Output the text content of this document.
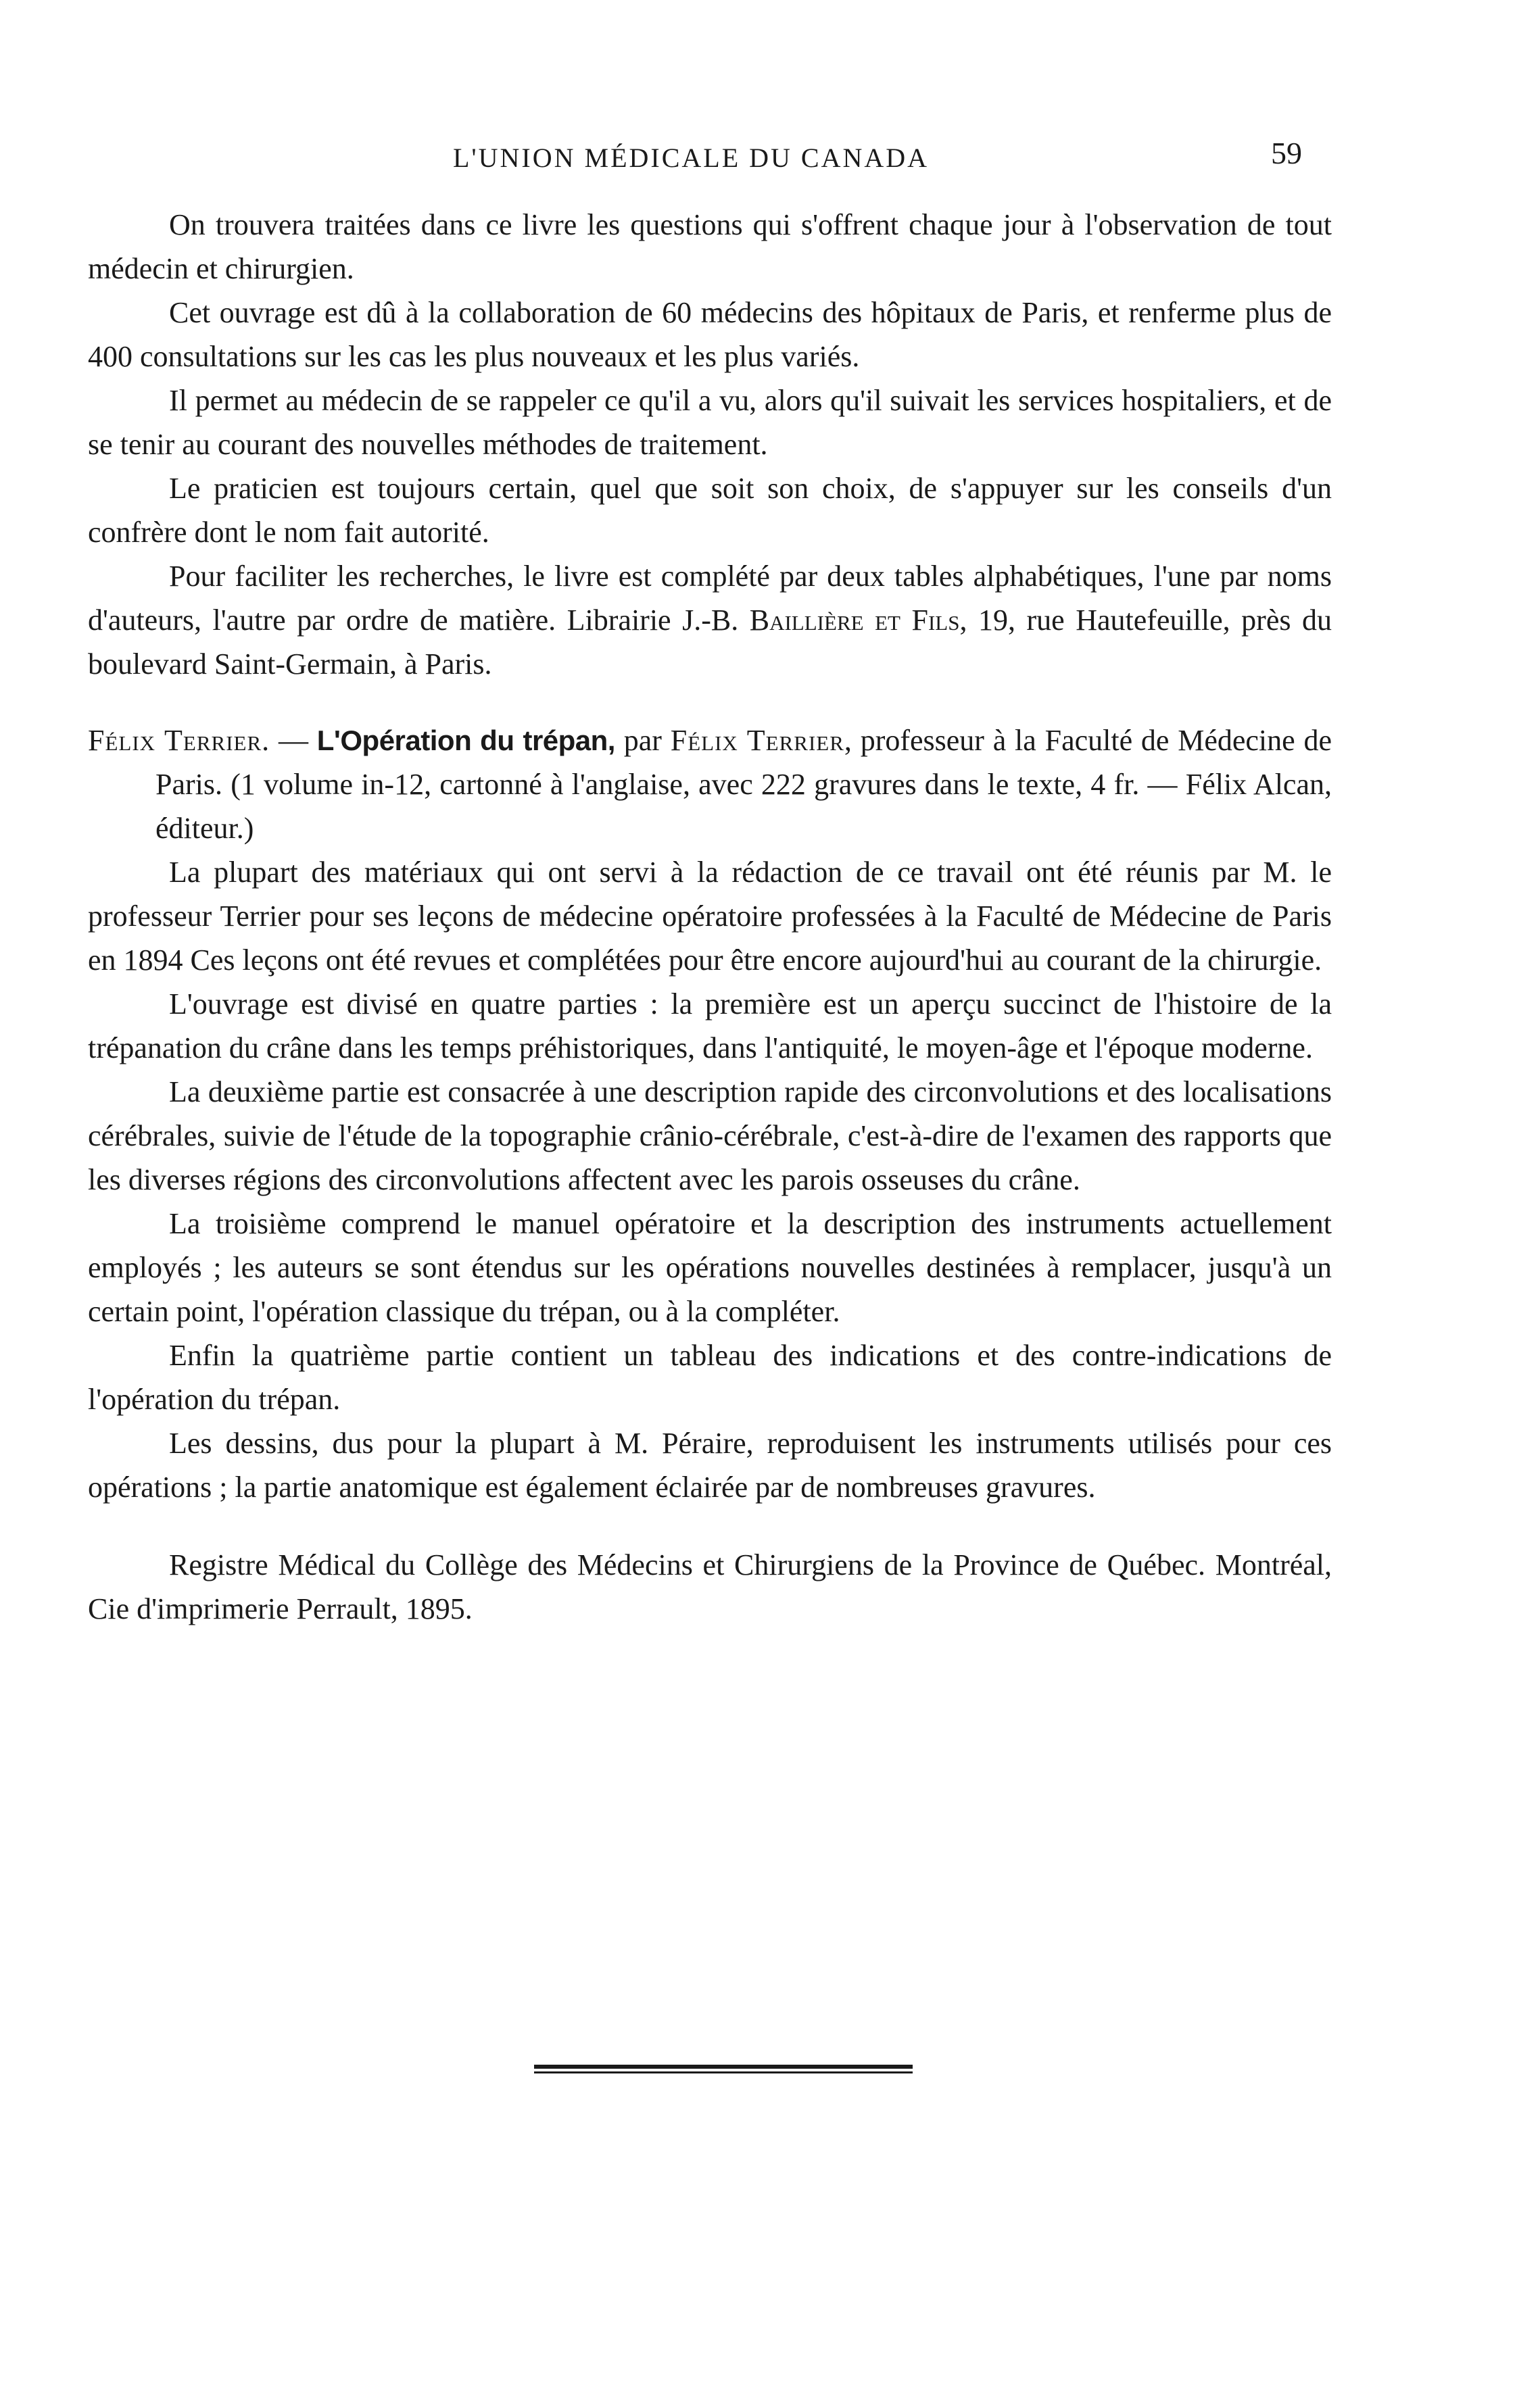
L'UNION MÉDICALE DU CANADA	59

On trouvera traitées dans ce livre les questions qui s'offrent chaque jour à l'observation de tout médecin et chirurgien.

Cet ouvrage est dû à la collaboration de 60 médecins des hôpitaux de Paris, et renferme plus de 400 consultations sur les cas les plus nouveaux et les plus variés.

Il permet au médecin de se rappeler ce qu'il a vu, alors qu'il suivait les services hospitaliers, et de se tenir au courant des nouvelles méthodes de traitement.

Le praticien est toujours certain, quel que soit son choix, de s'appuyer sur les conseils d'un confrère dont le nom fait autorité.

Pour faciliter les recherches, le livre est complété par deux tables alphabétiques, l'une par noms d'auteurs, l'autre par ordre de matière. Librairie J.-B. Baillière et Fils, 19, rue Hautefeuille, près du boulevard Saint-Germain, à Paris.

Félix Terrier. — L'Opération du trépan, par Félix Terrier, professeur à la Faculté de Médecine de Paris. (1 volume in-12, cartonné à l'anglaise, avec 222 gravures dans le texte, 4 fr. — Félix Alcan, éditeur.)

La plupart des matériaux qui ont servi à la rédaction de ce travail ont été réunis par M. le professeur Terrier pour ses leçons de médecine opératoire professées à la Faculté de Médecine de Paris en 1894 Ces leçons ont été revues et complétées pour être encore aujourd'hui au courant de la chirurgie.

L'ouvrage est divisé en quatre parties : la première est un aperçu succinct de l'histoire de la trépanation du crâne dans les temps préhistoriques, dans l'antiquité, le moyen-âge et l'époque moderne.

La deuxième partie est consacrée à une description rapide des circonvolutions et des localisations cérébrales, suivie de l'étude de la topographie crânio-cérébrale, c'est-à-dire de l'examen des rapports que les diverses régions des circonvolutions affectent avec les parois osseuses du crâne.

La troisième comprend le manuel opératoire et la description des instruments actuellement employés ; les auteurs se sont étendus sur les opérations nouvelles destinées à remplacer, jusqu'à un certain point, l'opération classique du trépan, ou à la compléter.

Enfin la quatrième partie contient un tableau des indications et des contre-indications de l'opération du trépan.

Les dessins, dus pour la plupart à M. Péraire, reproduisent les instruments utilisés pour ces opérations ; la partie anatomique est également éclairée par de nombreuses gravures.

Registre Médical du Collège des Médecins et Chirurgiens de la Province de Québec. Montréal, Cie d'imprimerie Perrault, 1895.
